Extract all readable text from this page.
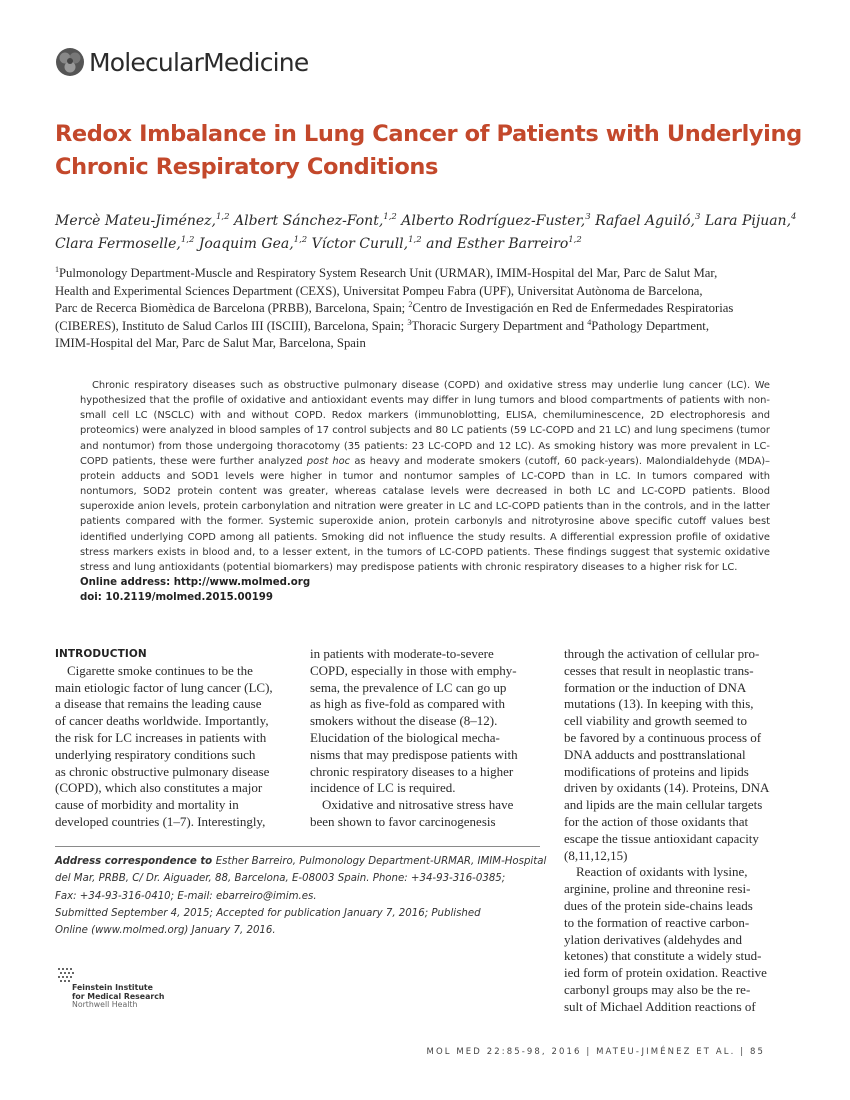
MolecularMedicine
Redox Imbalance in Lung Cancer of Patients with Underlying
Chronic Respiratory Conditions
Mercè Mateu-Jiménez,$^{1,2}$ Albert Sánchez-Font,$^{1,2}$ Alberto Rodríguez-Fuster,$^3$ Rafael Aguiló,$^3$ Lara Pijuan,$^4$
Clara Fermoselle,$^{1,2}$ Joaquim Gea,$^{1,2}$ Víctor Curull,$^{1,2}$ and Esther Barreiro$^{1,2}$
$^1$Pulmonology Department-Muscle and Respiratory System Research Unit (URMAR), IMIM-Hospital del Mar, Parc de Salut Mar,
Health and Experimental Sciences Department (CEXS), Universitat Pompeu Fabra (UPF), Universitat Autònoma de Barcelona,
Parc de Recerca Biomèdica de Barcelona (PRBB), Barcelona, Spain; $^2$Centro de Investigación en Red de Enfermedades Respiratorias
(CIBERES), Instituto de Salud Carlos III (ISCIII), Barcelona, Spain; $^3$Thoracic Surgery Department and $^4$Pathology Department,
IMIM-Hospital del Mar, Parc de Salut Mar, Barcelona, Spain

Chronic respiratory diseases such as obstructive pulmonary disease (COPD) and oxidative stress may underlie lung cancer (LC). We hypothesized that the profile of oxidative and antioxidant events may differ in lung tumors and blood compartments of patients with non-small cell LC (NSCLC) with and without COPD. Redox markers (immunoblotting, ELISA, chemiluminescence, 2D electrophoresis and proteomics) were analyzed in blood samples of 17 control subjects and 80 LC patients (59 LC-COPD and 21 LC) and lung specimens (tumor and nontumor) from those undergoing thoracotomy (35 patients: 23 LC-COPD and 12 LC). As smoking history was more prevalent in LC-COPD patients, these were further analyzed post hoc as heavy and moderate smokers (cutoff, 60 pack-years). Malondialdehyde (MDA)–protein adducts and SOD1 levels were higher in tumor and nontumor samples of LC-COPD than in LC. In tumors compared with nontumors, SOD2 protein content was greater, whereas catalase levels were decreased in both LC and LC-COPD patients. Blood superoxide anion levels, protein carbonylation and nitration were greater in LC and LC-COPD patients than in the controls, and in the latter patients compared with the former. Systemic superoxide anion, protein carbonyls and nitrotyrosine above specific cutoff values best identified underlying COPD among all patients. Smoking did not influence the study results. A differential expression profile of oxidative stress markers exists in blood and, to a lesser extent, in the tumors of LC-COPD patients. These findings suggest that systemic oxidative stress and lung antioxidants (potential biomarkers) may predispose patients with chronic respiratory diseases to a higher risk for LC.

Online address: http://www.molmed.org
doi: 10.2119/molmed.2015.00199
INTRODUCTION
Cigarette smoke continues to be the
main etiologic factor of lung cancer (LC),
a disease that remains the leading cause
of cancer deaths worldwide. Importantly,
the risk for LC increases in patients with
underlying respiratory conditions such
as chronic obstructive pulmonary disease
(COPD), which also constitutes a major
cause of morbidity and mortality in
developed countries (1–7). Interestingly,
in patients with moderate-to-severe
COPD, especially in those with emphy-
sema, the prevalence of LC can go up
as high as five-fold as compared with
smokers without the disease (8–12).
Elucidation of the biological mecha-
nisms that may predispose patients with
chronic respiratory diseases to a higher
incidence of LC is required.
Oxidative and nitrosative stress have
been shown to favor carcinogenesis
through the activation of cellular pro-
cesses that result in neoplastic trans-
formation or the induction of DNA
mutations (13). In keeping with this,
cell viability and growth seemed to
be favored by a continuous process of
DNA adducts and posttranslational
modifications of proteins and lipids
driven by oxidants (14). Proteins, DNA
and lipids are the main cellular targets
for the action of those oxidants that
escape the tissue antioxidant capacity
(8,11,12,15)
Reaction of oxidants with lysine,
arginine, proline and threonine resi-
dues of the protein side-chains leads
to the formation of reactive carbon-
ylation derivatives (aldehydes and
ketones) that constitute a widely stud-
ied form of protein oxidation. Reactive
carbonyl groups may also be the re-
sult of Michael Addition reactions of
Address correspondence to Esther Barreiro, Pulmonology Department-URMAR, IMIM-Hospital
del Mar, PRBB, C/ Dr. Aiguader, 88, Barcelona, E-08003 Spain. Phone: +34-93-316-0385;
Fax: +34-93-316-0410; E-mail: ebarreiro@imim.es.
Submitted September 4, 2015; Accepted for publication January 7, 2016; Published
Online (www.molmed.org) January 7, 2016.
Feinstein Institute
for Medical Research
Northwell Health
MOL MED 22:85-98, 2016 | MATEU-JIMÉNEZ ET AL. | 85
